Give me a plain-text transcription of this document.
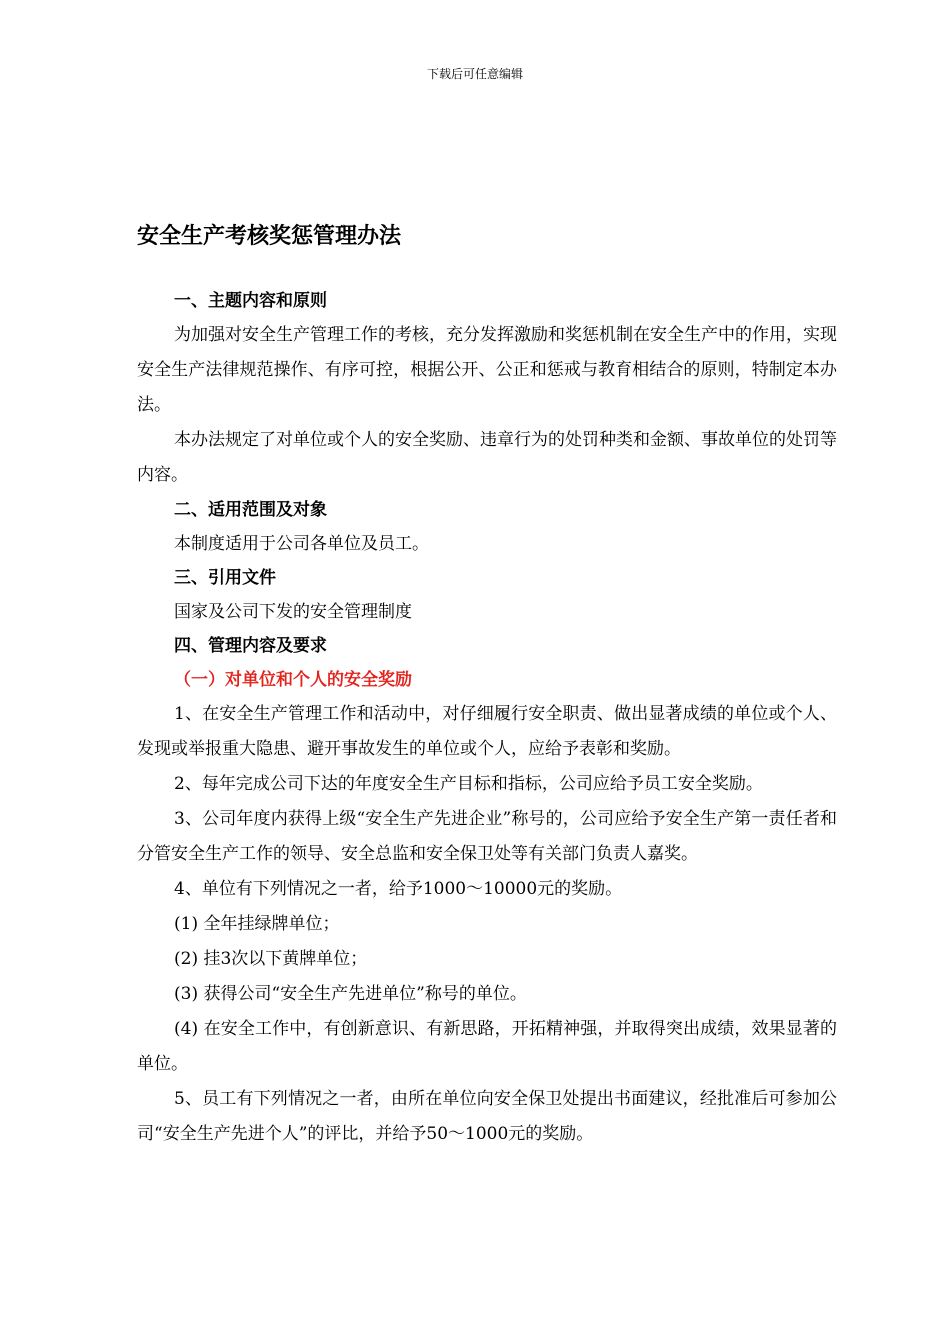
下载后可任意编辑
安全生产考核奖惩管理办法
一、主题内容和原则

为加强对安全生产管理工作的考核，充分发挥激励和奖惩机制在安全生产中的作用，实现安全生产法律规范操作、有序可控，根据公开、公正和惩戒与教育相结合的原则，特制定本办法。

本办法规定了对单位或个人的安全奖励、违章行为的处罚种类和金额、事故单位的处罚等内容。

二、适用范围及对象

本制度适用于公司各单位及员工。

三、引用文件

国家及公司下发的安全管理制度

四、管理内容及要求
（一）对单位和个人的安全奖励

1、在安全生产管理工作和活动中，对仔细履行安全职责、做出显著成绩的单位或个人、发现或举报重大隐患、避开事故发生的单位或个人，应给予表彰和奖励。

2、每年完成公司下达的年度安全生产目标和指标，公司应给予员工安全奖励。

3、公司年度内获得上级“安全生产先进企业”称号的，公司应给予安全生产第一责任者和分管安全生产工作的领导、安全总监和安全保卫处等有关部门负责人嘉奖。

4、单位有下列情况之一者，给予1000～10000元的奖励。

(1) 全年挂绿牌单位；

(2) 挂3次以下黄牌单位；

(3) 获得公司“安全生产先进单位”称号的单位。

(4) 在安全工作中，有创新意识、有新思路，开拓精神强，并取得突出成绩，效果显著的单位。

5、员工有下列情况之一者，由所在单位向安全保卫处提出书面建议，经批准后可参加公司“安全生产先进个人”的评比，并给予50～1000元的奖励。
